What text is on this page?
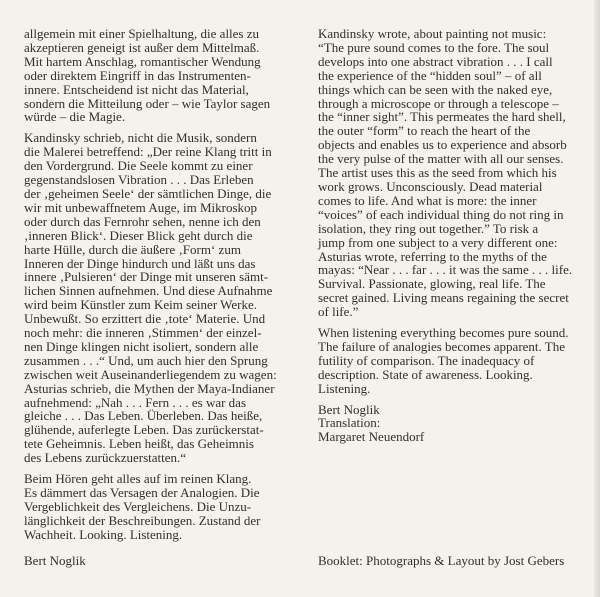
allgemein mit einer Spielhaltung, die alles zu
akzeptieren geneigt ist außer dem Mittelmaß.
Mit hartem Anschlag, romantischer Wendung
oder direktem Eingriff in das Instrumenten-
innere. Entscheidend ist nicht das Material,
sondern die Mitteilung oder – wie Taylor sagen
würde – die Magie.
Kandinsky schrieb, nicht die Musik, sondern
die Malerei betreffend: „Der reine Klang tritt in
den Vordergrund. Die Seele kommt zu einer
gegenstandslosen Vibration . . . Das Erleben
der ‚geheimen Seele‘ der sämtlichen Dinge, die
wir mit unbewaffnetem Auge, im Mikroskop
oder durch das Fernrohr sehen, nenne ich den
‚inneren Blick‘. Dieser Blick geht durch die
harte Hülle, durch die äußere ‚Form‘ zum
Inneren der Dinge hindurch und läßt uns das
innere ‚Pulsieren‘ der Dinge mit unseren sämt-
lichen Sinnen aufnehmen. Und diese Aufnahme
wird beim Künstler zum Keim seiner Werke.
Unbewußt. So erzittert die ‚tote‘ Materie. Und
noch mehr: die inneren ‚Stimmen‘ der einzel-
nen Dinge klingen nicht isoliert, sondern alle
zusammen . . .“ Und, um auch hier den Sprung
zwischen weit Auseinanderliegendem zu wagen:
Asturias schrieb, die Mythen der Maya-Indianer
aufnehmend: „Nah . . . Fern . . . es war das
gleiche . . . Das Leben. Überleben. Das heiße,
glühende, auferlegte Leben. Das zurückerstat-
tete Geheimnis. Leben heißt, das Geheimnis
des Lebens zurückzuerstatten.“
Beim Hören geht alles auf im reinen Klang.
Es dämmert das Versagen der Analogien. Die
Vergeblichkeit des Vergleichens. Die Unzu-
länglichkeit der Beschreibungen. Zustand der
Wachheit. Looking. Listening.
Bert Noglik
Kandinsky wrote, about painting not music:
“The pure sound comes to the fore. The soul
develops into one abstract vibration . . . I call
the experience of the “hidden soul” – of all
things which can be seen with the naked eye,
through a microscope or through a telescope –
the “inner sight”. This permeates the hard shell,
the outer “form” to reach the heart of the
objects and enables us to experience and absorb
the very pulse of the matter with all our senses.
The artist uses this as the seed from which his
work grows. Unconsciously. Dead material
comes to life. And what is more: the inner
“voices” of each individual thing do not ring in
isolation, they ring out together.” To risk a
jump from one subject to a very different one:
Asturias wrote, referring to the myths of the
mayas: “Near . . . far . . . it was the same . . . life.
Survival. Passionate, glowing, real life. The
secret gained. Living means regaining the secret
of life.”
When listening everything becomes pure sound.
The failure of analogies becomes apparent. The
futility of comparison. The inadequacy of
description. State of awareness. Looking.
Listening.
Bert Noglik
Translation:
Margaret Neuendorf
Booklet: Photographs & Layout by Jost Gebers
